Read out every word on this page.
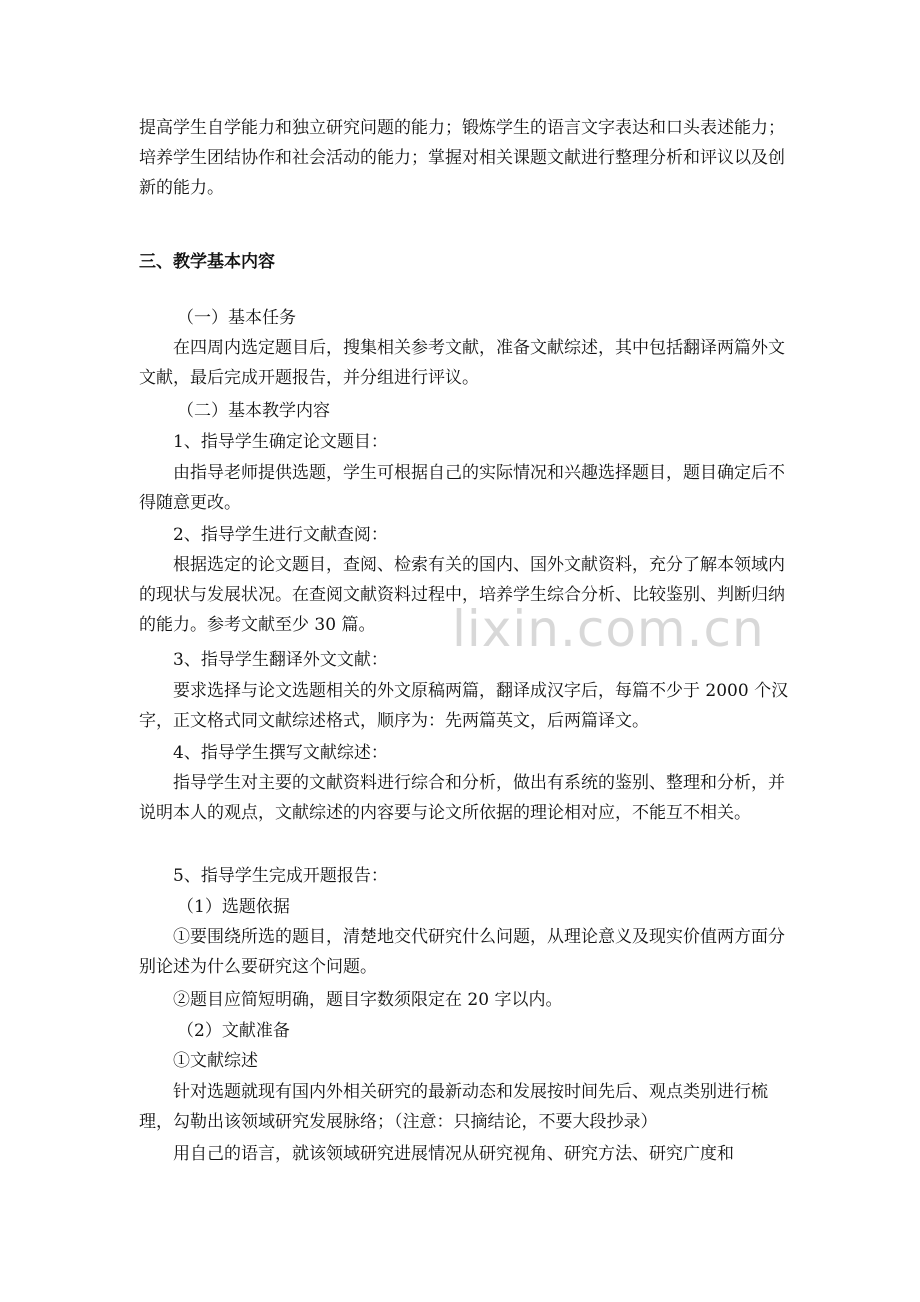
lixin.com.cn

提高学生自学能力和独立研究问题的能力；锻炼学生的语言文字表达和口头表述能力；培养学生团结协作和社会活动的能力；掌握对相关课题文献进行整理分析和评议以及创新的能力。

三、教学基本内容

（一）基本任务

在四周内选定题目后，搜集相关参考文献，准备文献综述，其中包括翻译两篇外文文献，最后完成开题报告，并分组进行评议。

（二）基本教学内容

1、指导学生确定论文题目：

由指导老师提供选题，学生可根据自己的实际情况和兴趣选择题目，题目确定后不得随意更改。

2、指导学生进行文献查阅：

根据选定的论文题目，查阅、检索有关的国内、国外文献资料，充分了解本领域内的现状与发展状况。在查阅文献资料过程中，培养学生综合分析、比较鉴别、判断归纳的能力。参考文献至少 30 篇。

3、指导学生翻译外文文献：

要求选择与论文选题相关的外文原稿两篇，翻译成汉字后，每篇不少于 2000 个汉字，正文格式同文献综述格式，顺序为：先两篇英文，后两篇译文。

4、指导学生撰写文献综述：

指导学生对主要的文献资料进行综合和分析，做出有系统的鉴别、整理和分析，并说明本人的观点，文献综述的内容要与论文所依据的理论相对应，不能互不相关。

5、指导学生完成开题报告：

（1）选题依据

①要围绕所选的题目，清楚地交代研究什么问题，从理论意义及现实价值两方面分别论述为什么要研究这个问题。

②题目应简短明确，题目字数须限定在 20 字以内。

（2）文献准备

①文献综述

针对选题就现有国内外相关研究的最新动态和发展按时间先后、观点类别进行梳理，勾勒出该领域研究发展脉络；（注意：只摘结论，不要大段抄录）

用自己的语言，就该领域研究进展情况从研究视角、研究方法、研究广度和
